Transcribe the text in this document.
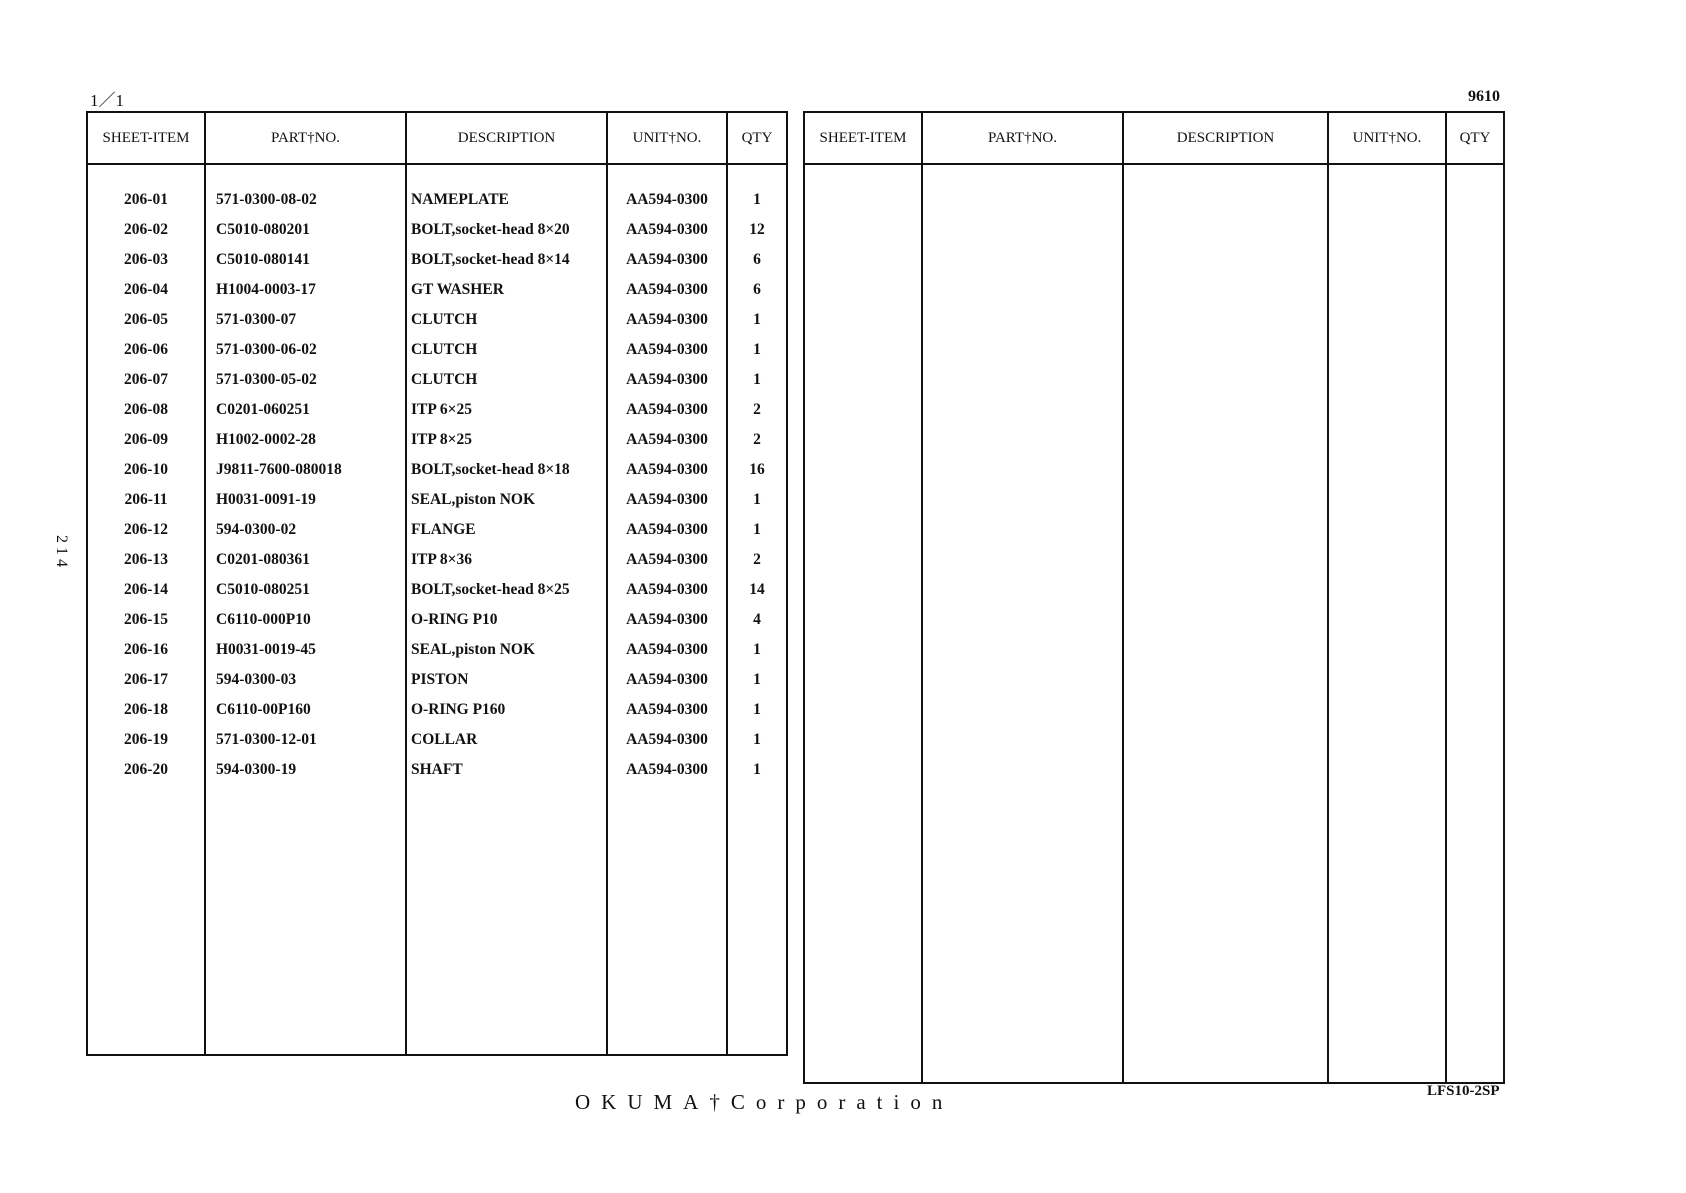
1／1	9610
214
SHEET-ITEM	PART†NO.	DESCRIPTION	UNIT†NO.	QTY

206-01	571-0300-08-02	NAMEPLATE	AA594-0300	1
206-02	C5010-080201	BOLT,socket-head 8×20	AA594-0300	12
206-03	C5010-080141	BOLT,socket-head 8×14	AA594-0300	6
206-04	H1004-0003-17	GT WASHER	AA594-0300	6
206-05	571-0300-07	CLUTCH	AA594-0300	1
206-06	571-0300-06-02	CLUTCH	AA594-0300	1
206-07	571-0300-05-02	CLUTCH	AA594-0300	1
206-08	C0201-060251	ITP 6×25	AA594-0300	2
206-09	H1002-0002-28	ITP 8×25	AA594-0300	2
206-10	J9811-7600-080018	BOLT,socket-head 8×18	AA594-0300	16
206-11	H0031-0091-19	SEAL,piston NOK	AA594-0300	1
206-12	594-0300-02	FLANGE	AA594-0300	1
206-13	C0201-080361	ITP 8×36	AA594-0300	2
206-14	C5010-080251	BOLT,socket-head 8×25	AA594-0300	14
206-15	C6110-000P10	O-RING P10	AA594-0300	4
206-16	H0031-0019-45	SEAL,piston NOK	AA594-0300	1
206-17	594-0300-03	PISTON	AA594-0300	1
206-18	C6110-00P160	O-RING P160	AA594-0300	1
206-19	571-0300-12-01	COLLAR	AA594-0300	1
206-20	594-0300-19	SHAFT	AA594-0300	1

SHEET-ITEM	PART†NO.	DESCRIPTION	UNIT†NO.	QTY

OKUMA†Corporation	LFS10-2SP
